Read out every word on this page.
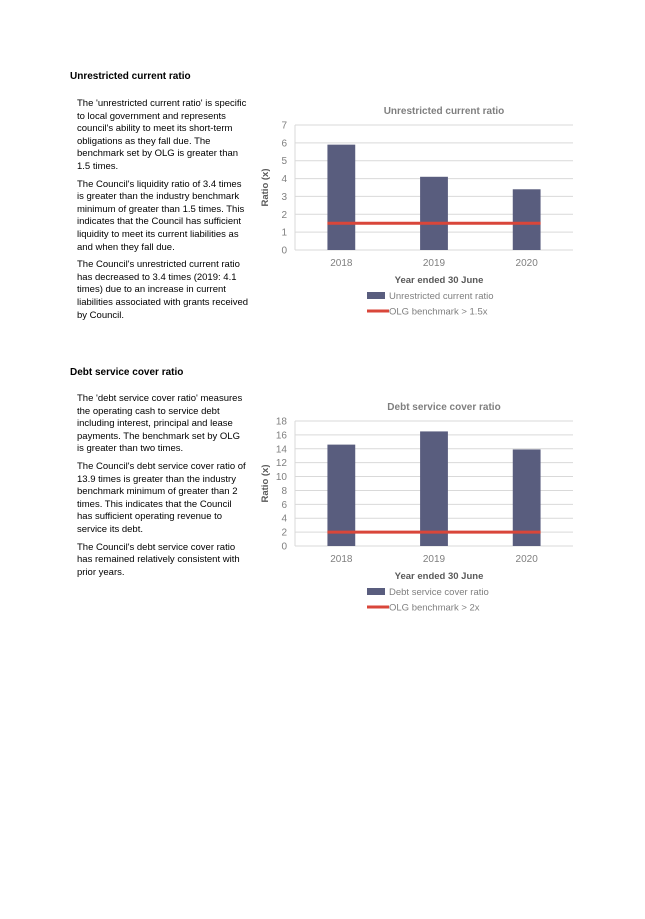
Unrestricted current ratio

The 'unrestricted current ratio' is specific to local government and represents council's ability to meet its short-term obligations as they fall due. The benchmark set by OLG is greater than 1.5 times.

The Council's liquidity ratio of 3.4 times is greater than the industry benchmark minimum of greater than 1.5 times. This indicates that the Council has sufficient liquidity to meet its current liabilities as and when they fall due.

The Council's unrestricted current ratio has decreased to 3.4 times (2019: 4.1 times) due to an increase in current liabilities associated with grants received by Council.

Unrestricted current ratio
0
1
2
3
4
5
6
7
2018	2019	2020
Year ended 30 June
Ratio (x)
Unrestricted current ratio
OLG benchmark > 1.5x
Debt service cover ratio

The 'debt service cover ratio' measures the operating cash to service debt including interest, principal and lease payments. The benchmark set by OLG is greater than two times.

The Council's debt service cover ratio of 13.9 times is greater than the industry benchmark minimum of greater than 2 times. This indicates that the Council has sufficient operating revenue to service its debt.

The Council's debt service cover ratio has remained relatively consistent with prior years.

Debt service cover ratio
0
2
4
6
8
10
12
14
16
18
2018	2019	2020
Year ended 30 June
Ratio (x)
Debt service cover ratio
OLG benchmark > 2x
